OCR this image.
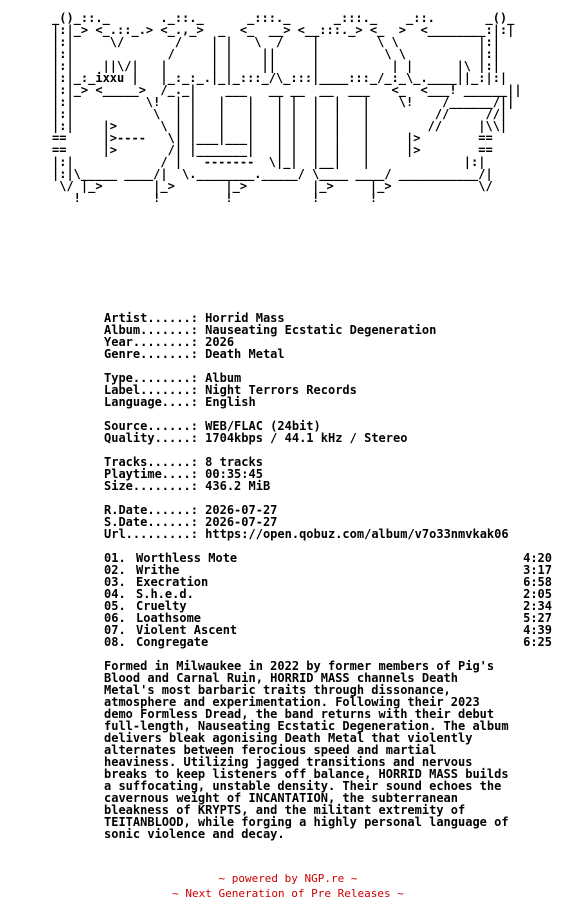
_()_::._       ._::._      _:::._      _:::._    _::.       _()_
|:|_> <_.::_.> <_.,_>  _  <_  __> <__:::._> <_  >  <________:|:|
|:|     \/       /    | |   \  /    |        \ \           |:|
|:|             /     | |    ||     |         \ \          |:|
|:|    ||\/|   |      | |    ||     |          | |      |\ |:|
|:|_:_ixxu |   |_:_:_.|_|_:::_/\_:::|____:::_/_:_\_.____||_:|:|
|:|_> <_____>  /_._|    ___   __ __  __  ___   <_  <___! ______||
|:|          \!  | |   |   |   | |  |  |   |    \!    /______/||
|:|           \  | |   |   |   | |  |  |   |         //     //|
|:|    |>      \ | |   |   |   | |  |  |   |        //     |\\|
==     |>----   \| |___|___|   | |  |  |   |     |>        ==
==     |>       /| |_______|   | |  |  |   |     |>        ==
|:|            / |   -------  \|_|  |__|   |             |:|
|:|\_____ ____/|  \.________._____/ \____ ____/ ___________/|
\/ |_>       |_>       |_>         |_>     |_>            \/
!          !         !           !       !
Artist......: Horrid Mass
Album.......: Nauseating Ecstatic Degeneration
Year........: 2026
Genre.......: Death Metal
Type........: Album
Label.......: Night Terrors Records
Language....: English
Source......: WEB/FLAC (24bit)
Quality.....: 1704kbps / 44.1 kHz / Stereo
Tracks......: 8 tracks
Playtime....: 00:35:45
Size........: 436.2 MiB
R.Date......: 2026-07-27
S.Date......: 2026-07-27
Url.........: https://open.qobuz.com/album/v7o33nmvkak06
01. Worthless Mote	4:20
02. Writhe	3:17
03. Execration	6:58
04. S.h.e.d.	2:05
05. Cruelty	2:34
06. Loathsome	5:27
07. Violent Ascent	4:39
08. Congregate	6:25
Formed in Milwaukee in 2022 by former members of Pig's
Blood and Carnal Ruin, HORRID MASS channels Death
Metal's most barbaric traits through dissonance,
atmosphere and experimentation. Following their 2023
demo Formless Dread, the band returns with their debut
full-length, Nauseating Ecstatic Degeneration. The album
delivers bleak agonising Death Metal that violently
alternates between ferocious speed and martial
heaviness. Utilizing jagged transitions and nervous
breaks to keep listeners off balance, HORRID MASS builds
a suffocating, unstable density. Their sound echoes the
cavernous weight of INCANTATION, the subterranean
bleakness of KRYPTS, and the militant extremity of
TEITANBLOOD, while forging a highly personal language of
sonic violence and decay.
~ powered by NGP.re ~
~ Next Generation of Pre Releases ~
